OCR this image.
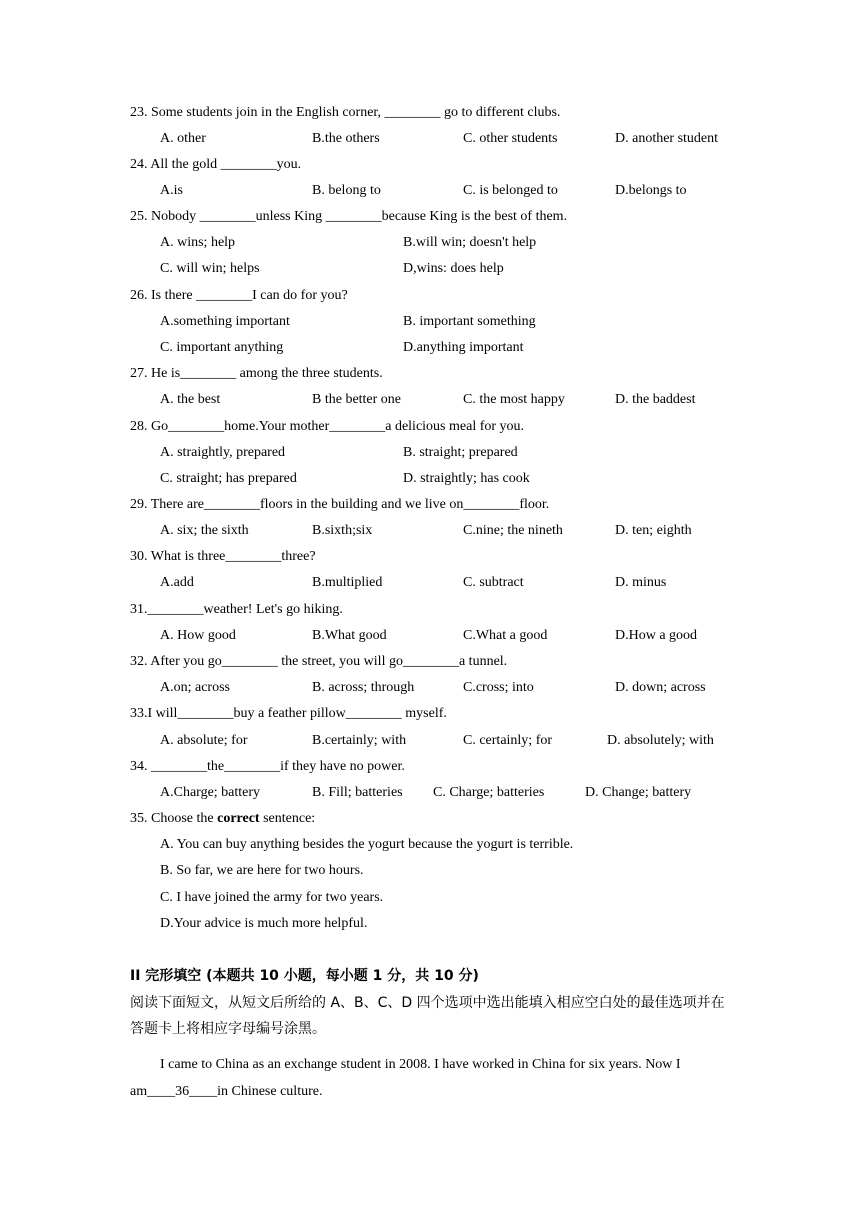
23. Some students join in the English corner, ________ go to different clubs.
A. other	B.the others	C. other students	D. another student
24. All the gold ________you.
A.is	B. belong to	C. is belonged to	D.belongs to
25. Nobody ________unless King ________because King is the best of them.
A. wins; help	B.will win; doesn't help
C. will win; helps	D,wins: does help
26. Is there ________I can do for you?
A.something important	B. important something
C. important anything	D.anything important
27. He is________ among the three students.
A. the best	B the better one	C. the most happy	D. the baddest
28. Go________home.Your mother________a delicious meal for you.
A. straightly, prepared	B. straight; prepared
C. straight; has prepared	D. straightly; has cook
29. There are________floors in the building and we live on________floor.
A. six; the sixth	B.sixth;six	C.nine; the nineth	D. ten; eighth
30. What is three________three?
A.add	B.multiplied	C. subtract	D. minus
31.________weather! Let's go hiking.
A. How good	B.What good	C.What a good	D.How a good
32. After you go________ the street, you will go________a tunnel.
A.on; across	B. across; through	C.cross; into	D. down; across
33.I will________buy a feather pillow________ myself.
A. absolute; for	B.certainly; with	C. certainly; for	D. absolutely; with
34. ________the________if they have no power.
A.Charge; battery	B. Fill; batteries C. Charge; batteries	D. Change; battery
35. Choose the correct sentence:
A. You can buy anything besides the yogurt because the yogurt is terrible.
B. So far, we are here for two hours.
C. I have joined the army for two years.
D.Your advice is much more helpful.
II 完形填空 (本题共 10 小题，每小题 1 分，共 10 分)
阅读下面短文，从短文后所给的 A、B、C、D 四个选项中选出能填入相应空白处的最佳选项并在答题卡上将相应字母编号涂黑。
I came to China as an exchange student in 2008. I have worked in China for six years. Now I
am____36____in Chinese culture.
